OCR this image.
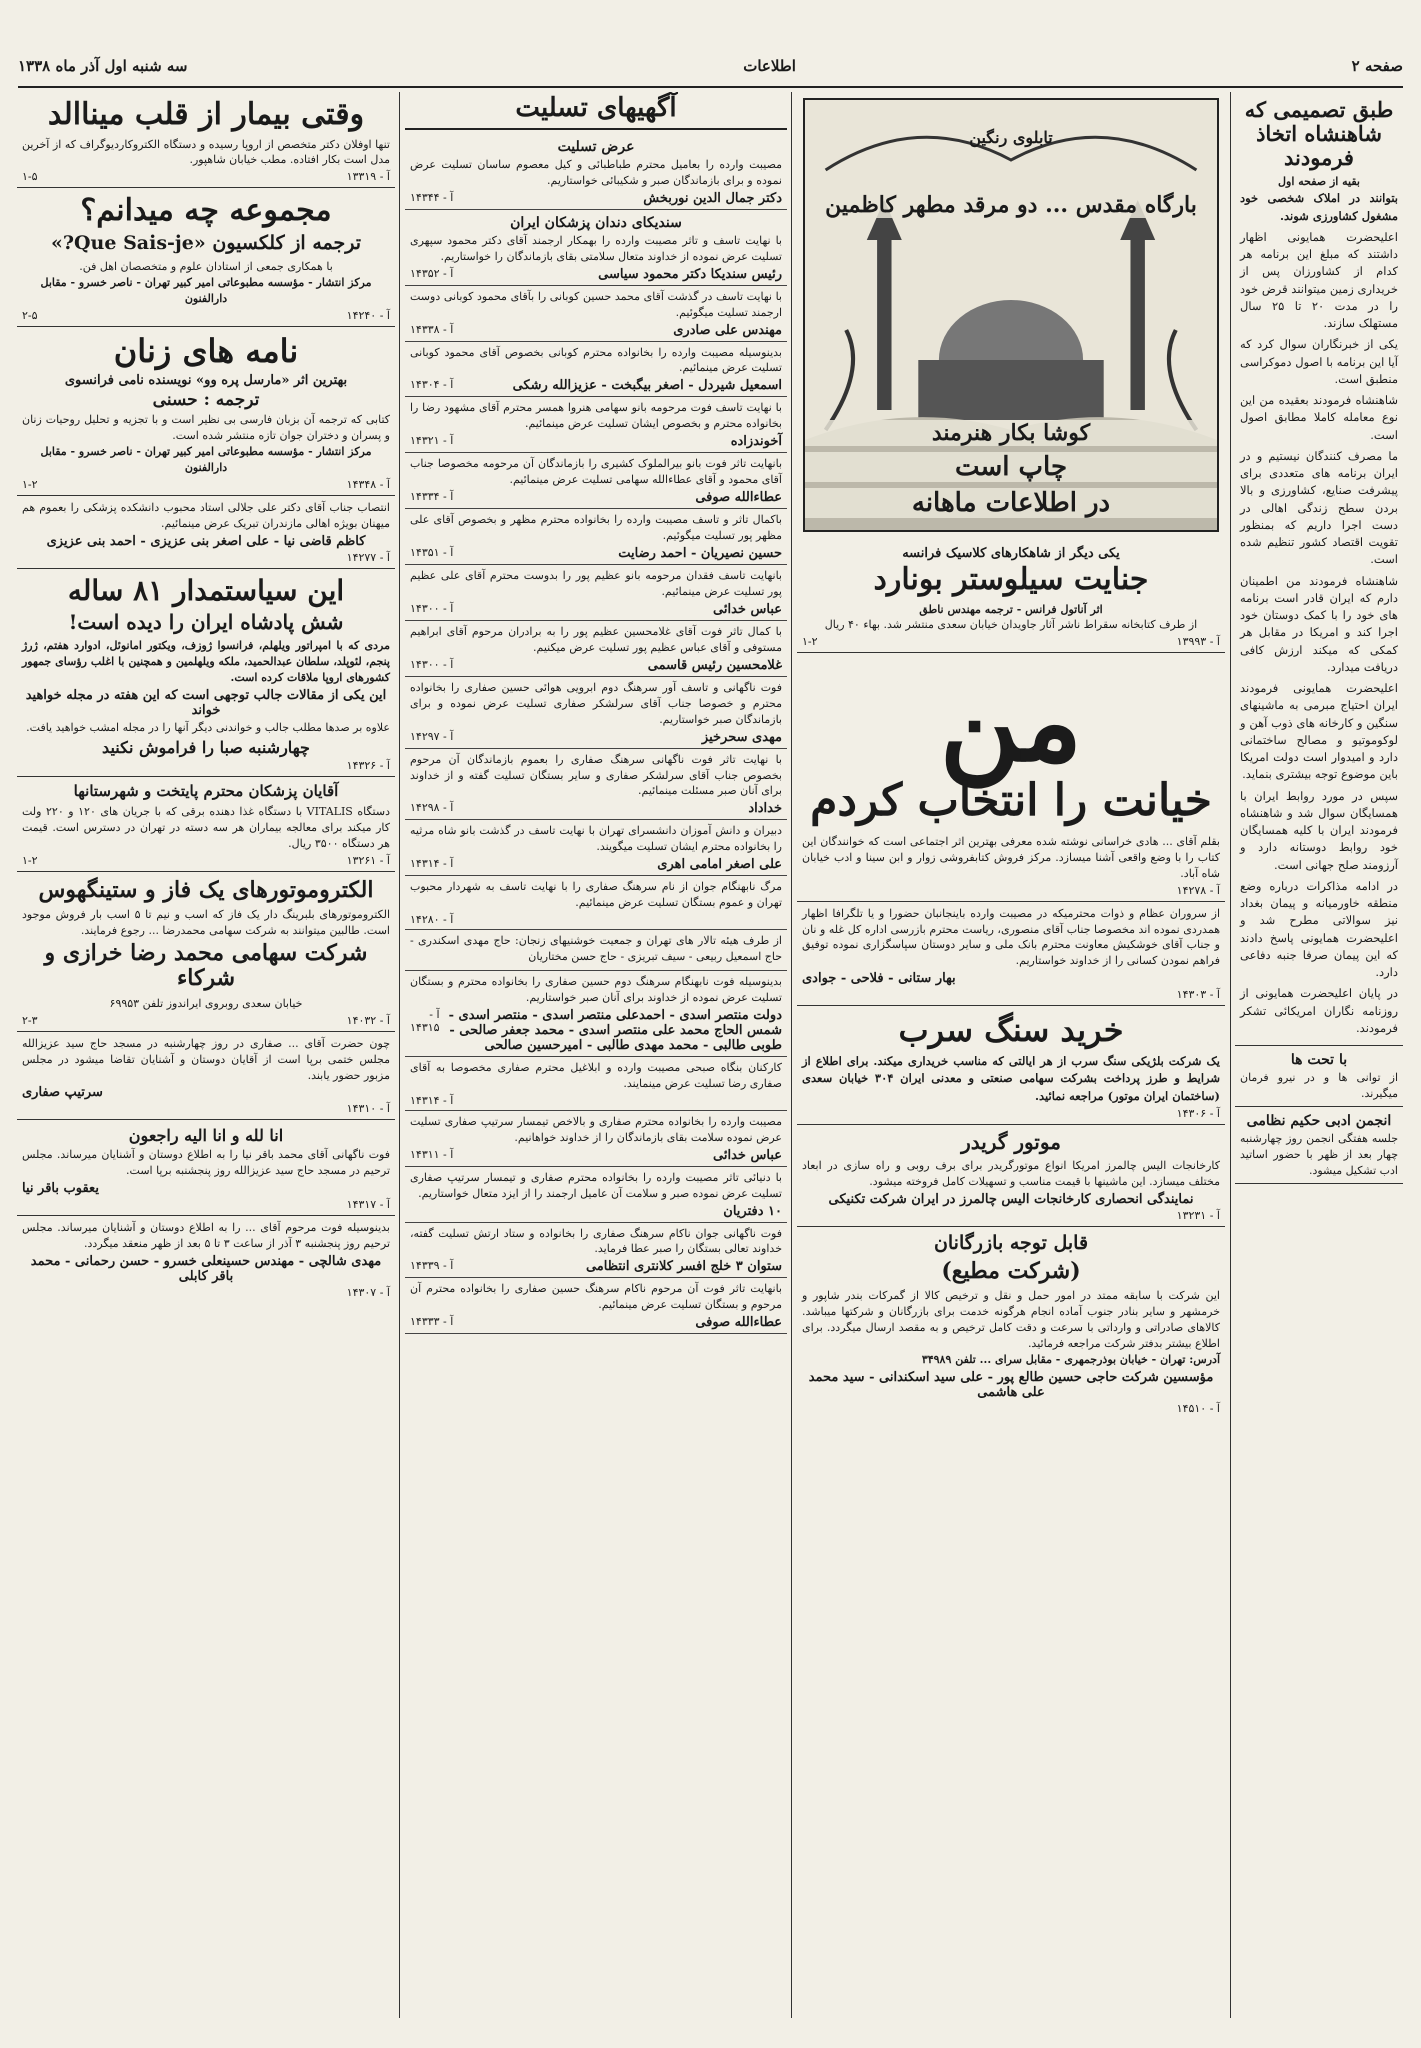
صفحه ۲
اطلاعات
سه شنبه اول آذر ماه ۱۳۳۸
طبق تصمیمی که شاهنشاه اتخاذ فرمودند
بقیه از صفحه اول
بتوانند در املاک شخصی خود مشغول کشاورزی شوند.

اعلیحضرت همایونی اظهار داشتند که مبلغ این برنامه هر کدام از کشاورزان پس از خریداری زمین میتوانند قرض خود را در مدت ۲۰ تا ۲۵ سال مستهلک سازند.

یکی از خبرنگاران سوال کرد که آیا این برنامه با اصول دموکراسی منطبق است.

شاهنشاه فرمودند بعقیده من این نوع معامله کاملا مطابق اصول است.

ما مصرف کنندگان نیستیم و در ایران برنامه های متعددی برای پیشرفت صنایع، کشاورزی و بالا بردن سطح زندگی اهالی در دست اجرا داریم که بمنظور تقویت اقتصاد کشور تنظیم شده است.

شاهنشاه فرمودند من اطمینان دارم که ایران قادر است برنامه های خود را با کمک دوستان خود اجرا کند و امریکا در مقابل هر کمکی که میکند ارزش کافی دریافت میدارد.

اعلیحضرت همایونی فرمودند ایران احتیاج مبرمی به ماشینهای سنگین و کارخانه های ذوب آهن و لوکوموتیو و مصالح ساختمانی دارد و امیدوار است دولت امریکا باین موضوع توجه بیشتری بنماید.

سپس در مورد روابط ایران با همسایگان سوال شد و شاهنشاه فرمودند ایران با کلیه همسایگان خود روابط دوستانه دارد و آرزومند صلح جهانی است.

در ادامه مذاکرات درباره وضع منطقه خاورمیانه و پیمان بغداد نیز سوالاتی مطرح شد و اعلیحضرت همایونی پاسخ دادند که این پیمان صرفا جنبه دفاعی دارد.

در پایان اعلیحضرت همایونی از روزنامه نگاران امریکائی تشکر فرمودند.

با تحت ها
از توانی ها و در نیرو فرمان میگیرند.
انجمن ادبی حکیم نظامی
جلسه هفتگی انجمن روز چهارشنبه چهار بعد از ظهر با حضور اساتید ادب تشکیل میشود.
تابلوی رنگین
بارگاه مقدس ... دو مرقد مطهر کاظمین
کوشا بکار هنرمند
چاپ است
در اطلاعات ماهانه
یکی دیگر از شاهکارهای کلاسیک فرانسه
جنایت سیلوستر بونارد
اثر آناتول فرانس - ترجمه مهندس ناطق
از طرف کتابخانه سقراط ناشر آثار جاویدان خیابان سعدی منتشر شد. بهاء ۴۰ ریال
آ - ۱۳۹۹۳
۱-۲
من
خیانت را انتخاب کردم
بقلم آقای ... هادی خراسانی نوشته شده معرفی بهترین اثر اجتماعی است که خوانندگان این کتاب را با وضع واقعی آشنا میسازد. مرکز فروش کتابفروشی زوار و ابن سینا و ادب خیابان شاه آباد.
آ - ۱۴۲۷۸
از سروران عظام و ذوات محترمیکه در مصیبت وارده باینجانبان حضورا و یا تلگرافا اظهار همدردی نموده اند مخصوصا جناب آقای منصوری، ریاست محترم بازرسی اداره کل غله و نان و جناب آقای خوشکیش معاونت محترم بانک ملی و سایر دوستان سپاسگزاری نموده توفیق فراهم نمودن کسانی را از خداوند خواستاریم.
بهار ستانی - فلاحی - جوادی
آ - ۱۴۳۰۳
خرید سنگ سرب
یک شرکت بلژیکی سنگ سرب از هر ایالتی که مناسب خریداری میکند. برای اطلاع از شرایط و طرز پرداخت بشرکت سهامی صنعتی و معدنی ایران ۳۰۴ خیابان سعدی (ساختمان ایران موتور) مراجعه نمائید.
آ - ۱۴۳۰۶
موتور گریدر
کارخانجات الیس چالمرز امریکا انواع موتورگریدر برای برف روبی و راه سازی در ابعاد مختلف میسازد. این ماشینها با قیمت مناسب و تسهیلات کامل فروخته میشود.
نمایندگی انحصاری کارخانجات الیس چالمرز در ایران شرکت تکنیکی
آ - ۱۳۲۳۱
قابل توجه بازرگانان
(شرکت مطیع)
این شرکت با سابقه ممتد در امور حمل و نقل و ترخیص کالا از گمرکات بندر شاپور و خرمشهر و سایر بنادر جنوب آماده انجام هرگونه خدمت برای بازرگانان و شرکتها میباشد. کالاهای صادراتی و وارداتی با سرعت و دقت کامل ترخیص و به مقصد ارسال میگردد. برای اطلاع بیشتر بدفتر شرکت مراجعه فرمائید.
آدرس: تهران - خیابان بوذرجمهری - مقابل سرای ... تلفن ۳۴۹۸۹
مؤسسین شرکت حاجی حسین طالع پور - علی سید اسکندانی - سید محمد علی هاشمی
آ - ۱۴۵۱۰
آگهیهای تسلیت
عرض تسلیت
مصیبت وارده را بعامیل محترم طباطبائی و کیل معصوم ساسان تسلیت عرض نموده و برای بازماندگان صبر و شکیبائی خواستاریم.
دکتر جمال الدین نوربخش
آ - ۱۴۳۴۴
سندیکای دندان پزشکان ایران
با نهایت تاسف و تاثر مصیبت وارده را بهمکار ارجمند آقای دکتر محمود سپهری تسلیت عرض نموده از خداوند متعال سلامتی بقای بازماندگان را خواستاریم.
رئیس سندیکا دکتر محمود سیاسی
آ - ۱۴۳۵۲
با نهایت تاسف در گذشت آقای محمد حسین کوبانی را بآقای محمود کوبانی دوست ارجمند تسلیت میگوئیم.
مهندس علی صادری
آ - ۱۴۳۳۸
بدینوسیله مصیبت وارده را بخانواده محترم کوبانی بخصوص آقای محمود کوبانی تسلیت عرض مینمائیم.
اسمعیل شیردل - اصغر بیگبخت - عزیزالله رشکی
آ - ۱۴۳۰۴
با نهایت تاسف فوت مرحومه بانو سهامی هنروا همسر محترم آقای مشهود رضا را بخانواده محترم و بخصوص ایشان تسلیت عرض مینمائیم.
آخوندزاده
آ - ۱۴۳۲۱
بانهایت تاثر فوت بانو بیرالملوک کشیری را بازماندگان آن مرحومه مخصوصا جناب آقای محمود و آقای عطاءالله سهامی تسلیت عرض مینمائیم.
عطاءالله صوفی
آ - ۱۴۳۳۴
باکمال تاثر و تاسف مصیبت وارده را بخانواده محترم مظهر و بخصوص آقای علی مظهر پور تسلیت میگوئیم.
حسین نصیریان - احمد رضایت
آ - ۱۴۳۵۱
بانهایت تاسف فقدان مرحومه بانو عظیم پور را بدوست محترم آقای علی عظیم پور تسلیت عرض مینمائیم.
عباس خدائی
آ - ۱۴۳۰۰
با کمال تاثر فوت آقای غلامحسین عظیم پور را به برادران مرحوم آقای ابراهیم مستوفی و آقای عباس عظیم پور تسلیت عرض میکنیم.
غلامحسین رئیس قاسمی
آ - ۱۴۳۰۰
فوت ناگهانی و تاسف آور سرهنگ دوم ابرویی هوائی حسین صفاری را بخانواده محترم و خصوصا جناب آقای سرلشکر صفاری تسلیت عرض نموده و برای بازماندگان صبر خواستاریم.
مهدی سحرخیز
آ - ۱۴۲۹۷
با نهایت تاثر فوت ناگهانی سرهنگ صفاری را بعموم بازماندگان آن مرحوم بخصوص جناب آقای سرلشکر صفاری و سایر بستگان تسلیت گفته و از خداوند برای آنان صبر مسئلت مینمائیم.
خداداد
آ - ۱۴۲۹۸
دبیران و دانش آموزان دانشسرای تهران با نهایت تاسف در گذشت بانو شاه مرثیه را بخانواده محترم ایشان تسلیت میگویند.
علی اصغر امامی اهری
آ - ۱۴۳۱۴
مرگ نابهنگام جوان از نام سرهنگ صفاری را با نهایت تاسف به شهردار محبوب تهران و عموم بستگان تسلیت عرض مینمائیم.
آ - ۱۴۲۸۰
از طرف هیئه تالار های تهران و جمعیت خوشنیهای زنجان: حاج مهدی اسکندری - حاج اسمعیل ربیعی - سیف تبریزی - حاج حسن مختاریان
بدینوسیله فوت نابهنگام سرهنگ دوم حسین صفاری را بخانواده محترم و بستگان تسلیت عرض نموده از خداوند برای آنان صبر خواستاریم.
دولت منتصر اسدی - احمدعلی منتصر اسدی - منتصر اسدی - شمس الحاج محمد علی منتصر اسدی - محمد جعفر صالحی - طوبی طالبی - محمد مهدی طالبی - امیرحسین صالحی
آ - ۱۴۳۱۵
کارکنان بنگاه صبحی مصیبت وارده و ابلاغیل محترم صفاری مخصوصا به آقای صفاری رضا تسلیت عرض مینمایند.
آ - ۱۴۳۱۴
مصیبت وارده را بخانواده محترم صفاری و بالاخص تیمسار سرتیپ صفاری تسلیت عرض نموده سلامت بقای بازماندگان را از خداوند خواهانیم.
عباس خدائی
آ - ۱۴۳۱۱
با دنیائی تاثر مصیبت وارده را بخانواده محترم صفاری و تیمسار سرتیپ صفاری تسلیت عرض نموده صبر و سلامت آن عامیل ارجمند را از ایزد متعال خواستاریم.
۱۰ دفتریان
فوت ناگهانی جوان ناکام سرهنگ صفاری را بخانواده و ستاد ارتش تسلیت گفته، خداوند تعالی بستگان را صبر عطا فرماید.
ستوان ۳ خلج افسر کلانتری انتظامی
آ - ۱۴۳۳۹
بانهایت تاثر فوت آن مرحوم ناکام سرهنگ حسین صفاری را بخانواده محترم آن مرحوم و بستگان تسلیت عرض مینمائیم.
عطاءالله صوفی
آ - ۱۴۳۳۳
وقتی بیمار از قلب میناالد
تنها اوفلان دکتر متخصص از اروپا رسیده و دستگاه الکتروکاردیوگراف که از آخرین مدل است بکار افتاده. مطب خیابان شاهپور.
آ - ۱۳۳۱۹
۱-۵
مجموعه چه میدانم؟
ترجمه از کلکسیون «Que Sais-je?»
با همکاری جمعی از استادان علوم و متخصصان اهل فن.
مرکز انتشار - مؤسسه مطبوعاتی امیر کبیر تهران - ناصر خسرو - مقابل دارالفنون
آ - ۱۴۲۴۰
۲-۵
نامه های زنان
بهترین اثر «مارسل پره وو» نویسنده نامی فرانسوی
ترجمه : حسنی
کتابی که ترجمه آن بزبان فارسی بی نظیر است و با تجزیه و تحلیل روحیات زنان و پسران و دختران جوان تازه منتشر شده است.
مرکز انتشار - مؤسسه مطبوعاتی امیر کبیر تهران - ناصر خسرو - مقابل دارالفنون
آ - ۱۴۳۴۸
۱-۲
انتصاب جناب آقای دکتر علی جلالی استاد محبوب دانشکده پزشکی را بعموم هم میهنان بویژه اهالی مازندران تبریک عرض مینمائیم.
کاظم قاضی نیا - علی اصغر بنی عزیزی - احمد بنی عزیزی
آ - ۱۴۲۷۷
این سیاستمدار ۸۱ ساله
شش پادشاه ایران را دیده است!
مردی که با امپراتور ویلهلم، فرانسوا ژوزف، ویکتور امانوئل، ادوارد هفتم، ژرژ پنجم، لئوپلد، سلطان عبدالحمید، ملکه ویلهلمین و همچنین با اغلب رؤسای جمهور کشورهای اروپا ملاقات کرده است.
این یکی از مقالات جالب توجهی است که این هفته در مجله خواهید خواند
علاوه بر صدها مطلب جالب و خواندنی دیگر آنها را در مجله امشب خواهید یافت.
چهارشنبه صبا را فراموش نکنید
آ - ۱۴۳۲۶
آقایان پزشکان محترم پایتخت و شهرستانها
دستگاه VITALIS با دستگاه غذا دهنده برقی که با جریان های ۱۲۰ و ۲۲۰ ولت کار میکند برای معالجه بیماران هر سه دسته در تهران در دسترس است. قیمت هر دستگاه ۳۵۰۰ ریال.
آ - ۱۳۲۶۱
۱-۲
الکتروموتورهای یک فاز و ستینگهوس
الکتروموتورهای بلبرینگ دار یک فاز که اسب و نیم تا ۵ اسب بار فروش موجود است. طالبین میتوانند به شرکت سهامی محمدرضا ... رجوع فرمایند.
شرکت سهامی محمد رضا خرازی و شرکاء
خیابان سعدی روبروی ایراندوز تلفن ۶۹۹۵۳
آ - ۱۴۰۳۲
۲-۳
چون حضرت آقای ... صفاری در روز چهارشنبه در مسجد حاج سید عزیزالله مجلس ختمی برپا است از آقایان دوستان و آشنایان تقاضا میشود در مجلس مزبور حضور یابند.
سرتیپ صفاری
آ - ۱۴۳۱۰
انا لله و انا الیه راجعون
فوت ناگهانی آقای محمد باقر نیا را به اطلاع دوستان و آشنایان میرساند. مجلس ترحیم در مسجد حاج سید عزیزالله روز پنجشنبه برپا است.
یعقوب باقر نیا
آ - ۱۴۳۱۷
بدینوسیله فوت مرحوم آقای ... را به اطلاع دوستان و آشنایان میرساند. مجلس ترحیم روز پنجشنبه ۳ آذر از ساعت ۳ تا ۵ بعد از ظهر منعقد میگردد.
مهدی شالچی - مهندس حسینعلی خسرو - حسن رحمانی - محمد باقر کابلی
آ - ۱۴۳۰۷
